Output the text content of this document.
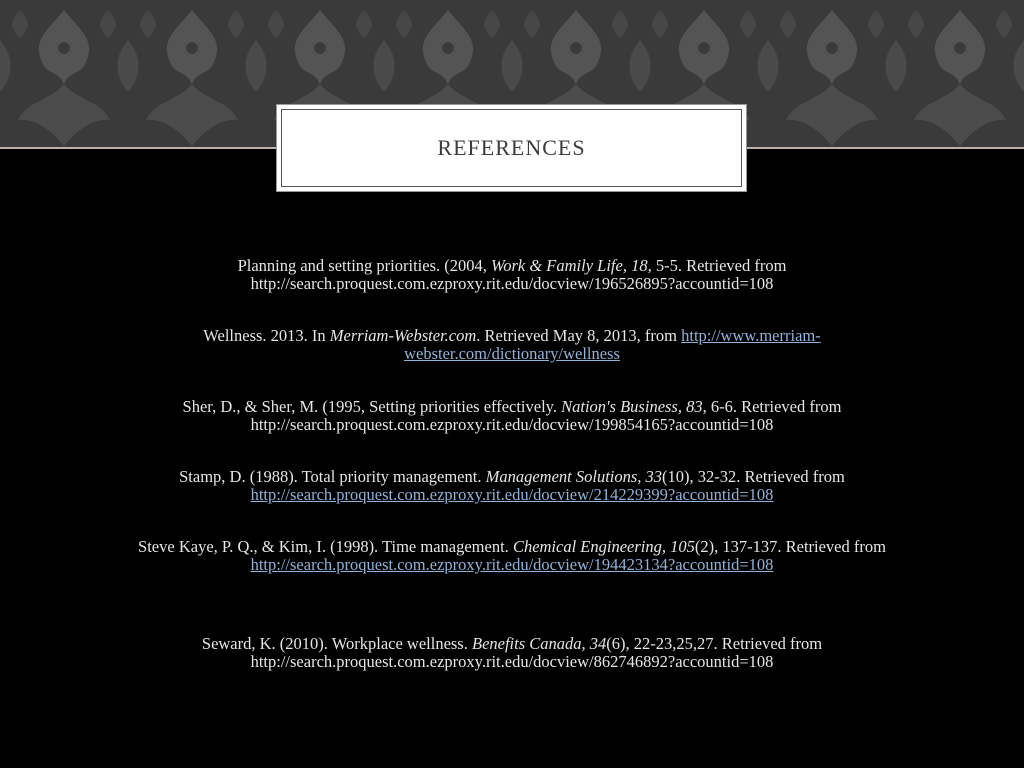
REFERENCES
Planning and setting priorities. (2004, Work & Family Life, 18, 5-5. Retrieved from
http://search.proquest.com.ezproxy.rit.edu/docview/196526895?accountid=108
Wellness. 2013. In Merriam-Webster.com. Retrieved May 8, 2013, from http://www.merriam-
webster.com/dictionary/wellness
Sher, D., & Sher, M. (1995, Setting priorities effectively. Nation's Business, 83, 6-6. Retrieved from
http://search.proquest.com.ezproxy.rit.edu/docview/199854165?accountid=108
Stamp, D. (1988). Total priority management. Management Solutions, 33(10), 32-32. Retrieved from
http://search.proquest.com.ezproxy.rit.edu/docview/214229399?accountid=108
Steve Kaye, P. Q., & Kim, I. (1998). Time management. Chemical Engineering, 105(2), 137-137. Retrieved from
http://search.proquest.com.ezproxy.rit.edu/docview/194423134?accountid=108
Seward, K. (2010). Workplace wellness. Benefits Canada, 34(6), 22-23,25,27. Retrieved from
http://search.proquest.com.ezproxy.rit.edu/docview/862746892?accountid=108
